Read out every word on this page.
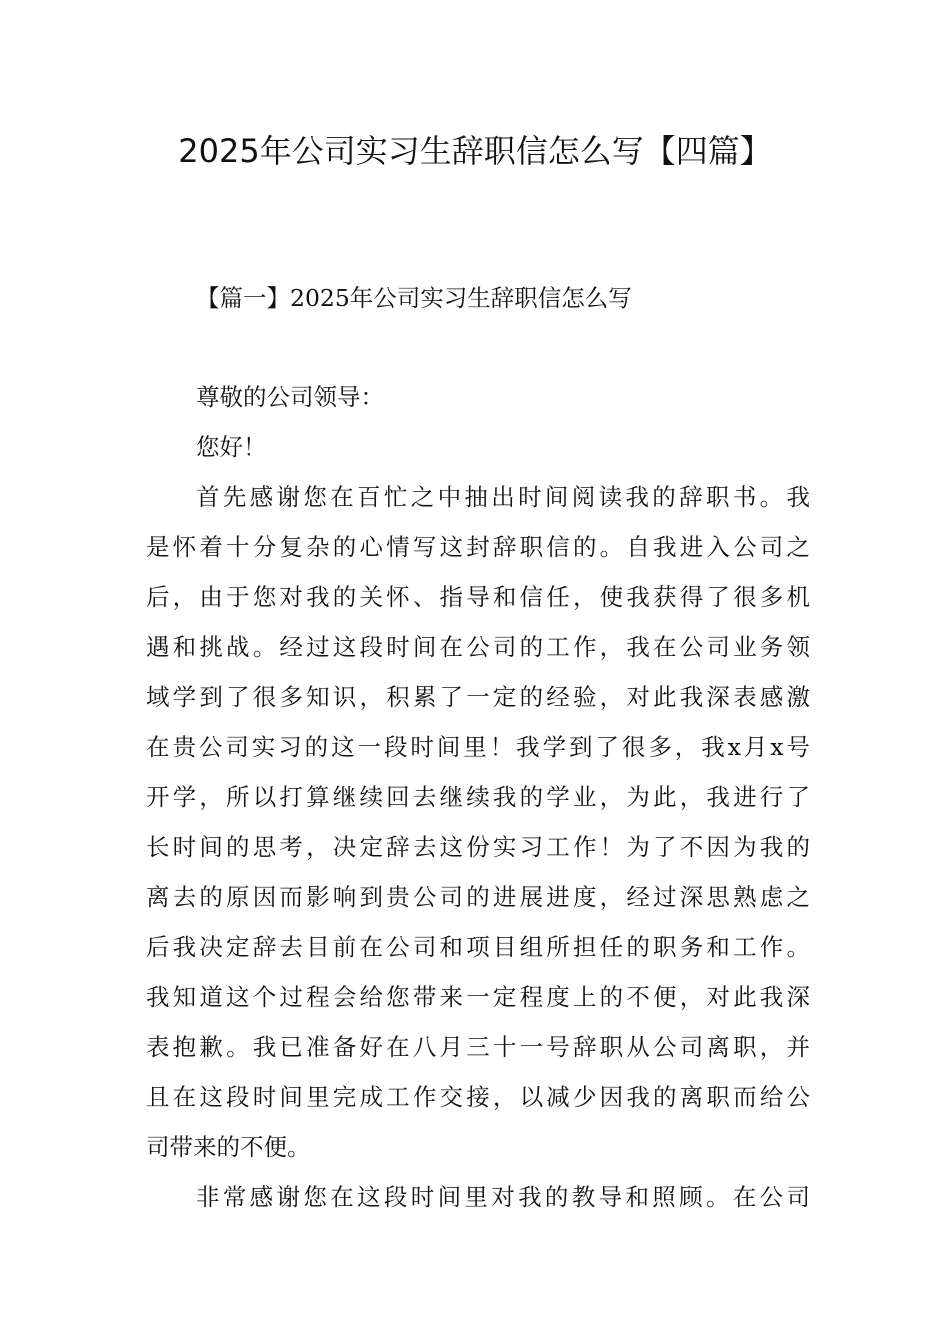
2025年公司实习生辞职信怎么写【四篇】

【篇一】2025年公司实习生辞职信怎么写

尊敬的公司领导：

您好！

首先感谢您在百忙之中抽出时间阅读我的辞职书。我
是怀着十分复杂的心情写这封辞职信的。自我进入公司之
后，由于您对我的关怀、指导和信任，使我获得了很多机
遇和挑战。经过这段时间在公司的工作，我在公司业务领
域学到了很多知识，积累了一定的经验，对此我深表感激
在贵公司实习的这一段时间里！我学到了很多，我x月x号
开学，所以打算继续回去继续我的学业，为此，我进行了
长时间的思考，决定辞去这份实习工作！为了不因为我的
离去的原因而影响到贵公司的进展进度，经过深思熟虑之
后我决定辞去目前在公司和项目组所担任的职务和工作。
我知道这个过程会给您带来一定程度上的不便，对此我深
表抱歉。我已准备好在八月三十一号辞职从公司离职，并
且在这段时间里完成工作交接，以减少因我的离职而给公
司带来的不便。
非常感谢您在这段时间里对我的教导和照顾。在公司
